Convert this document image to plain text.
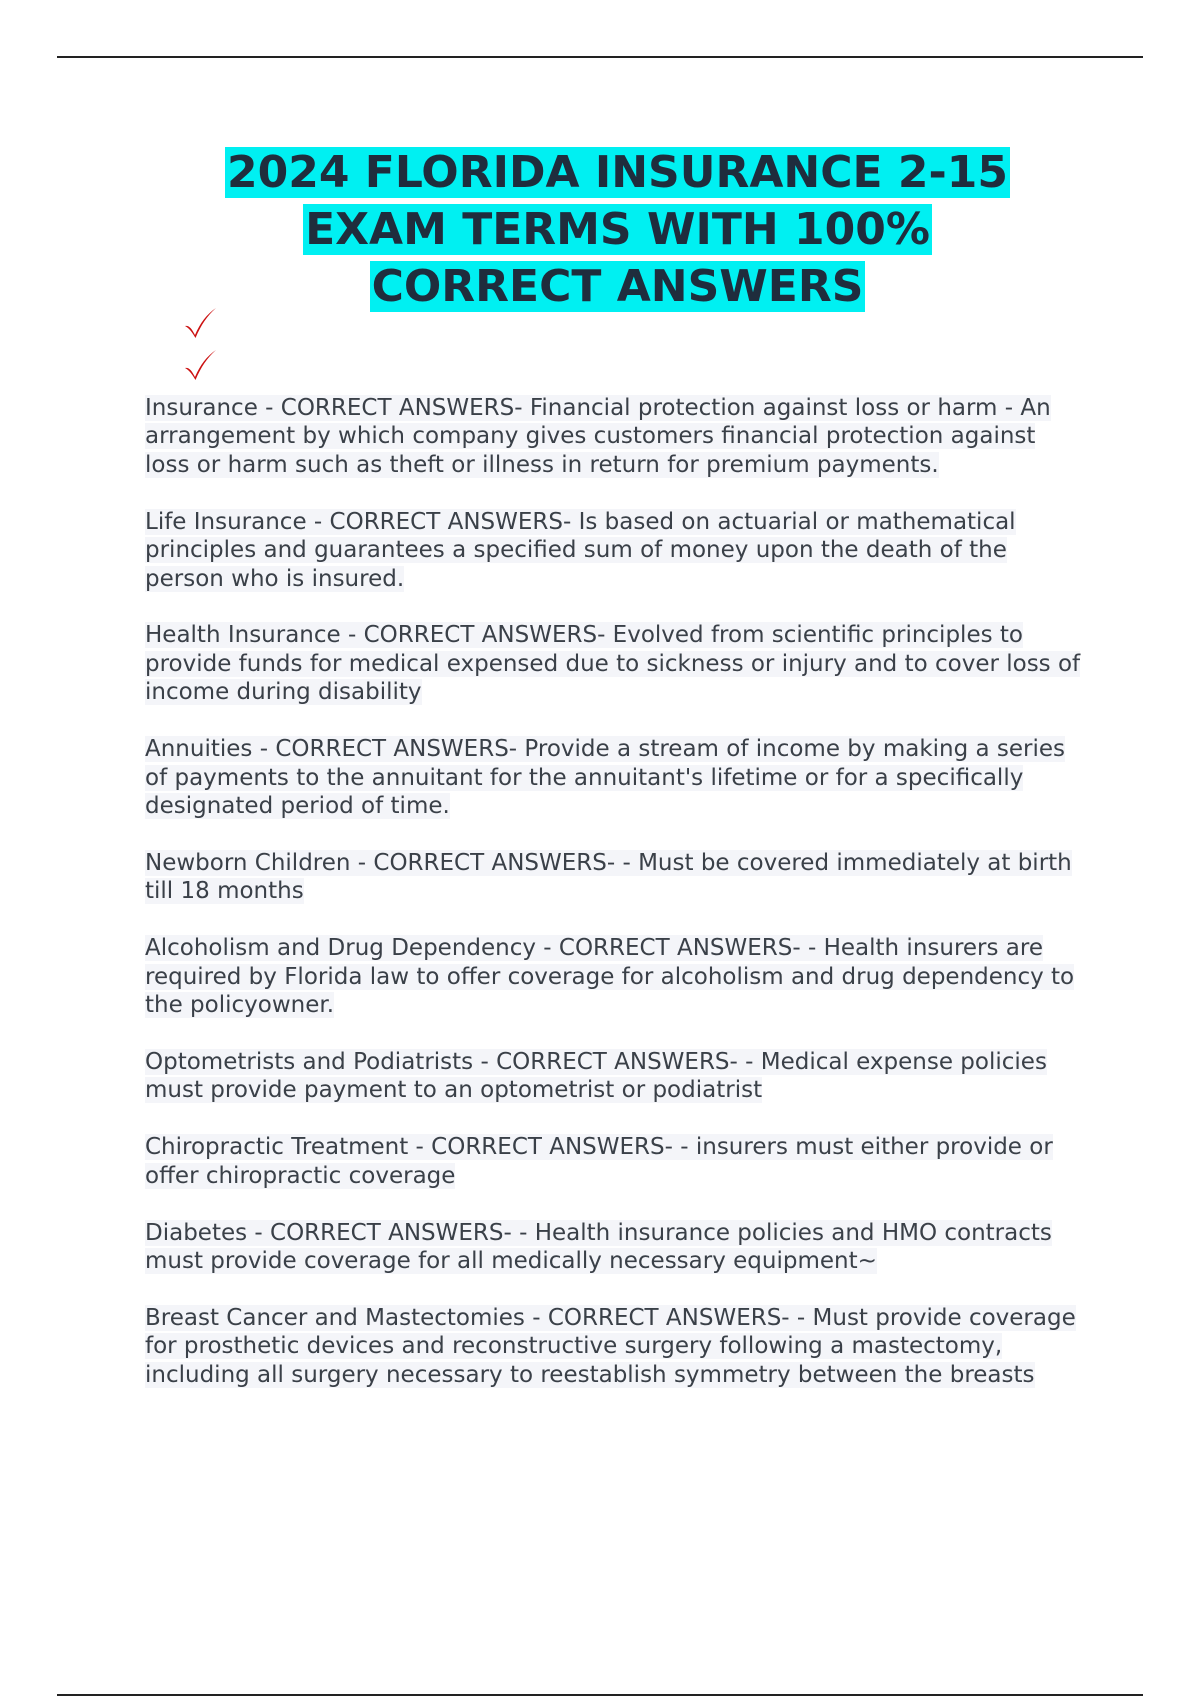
2024 FLORIDA INSURANCE 2-15
EXAM TERMS WITH 100%
CORRECT ANSWERS

Insurance - CORRECT ANSWERS- Financial protection against loss or harm - An arrangement by which company gives customers financial protection against loss or harm such as theft or illness in return for premium payments.

Life Insurance - CORRECT ANSWERS- Is based on actuarial or mathematical principles and guarantees a specified sum of money upon the death of the person who is insured.

Health Insurance - CORRECT ANSWERS- Evolved from scientific principles to provide funds for medical expensed due to sickness or injury and to cover loss of income during disability

Annuities - CORRECT ANSWERS- Provide a stream of income by making a series of payments to the annuitant for the annuitant's lifetime or for a specifically designated period of time.

Newborn Children - CORRECT ANSWERS- - Must be covered immediately at birth till 18 months

Alcoholism and Drug Dependency - CORRECT ANSWERS- - Health insurers are required by Florida law to offer coverage for alcoholism and drug dependency to the policyowner.

Optometrists and Podiatrists - CORRECT ANSWERS- - Medical expense policies must provide payment to an optometrist or podiatrist

Chiropractic Treatment - CORRECT ANSWERS- - insurers must either provide or offer chiropractic coverage

Diabetes - CORRECT ANSWERS- - Health insurance policies and HMO contracts must provide coverage for all medically necessary equipment~

Breast Cancer and Mastectomies - CORRECT ANSWERS- - Must provide coverage for prosthetic devices and reconstructive surgery following a mastectomy, including all surgery necessary to reestablish symmetry between the breasts
